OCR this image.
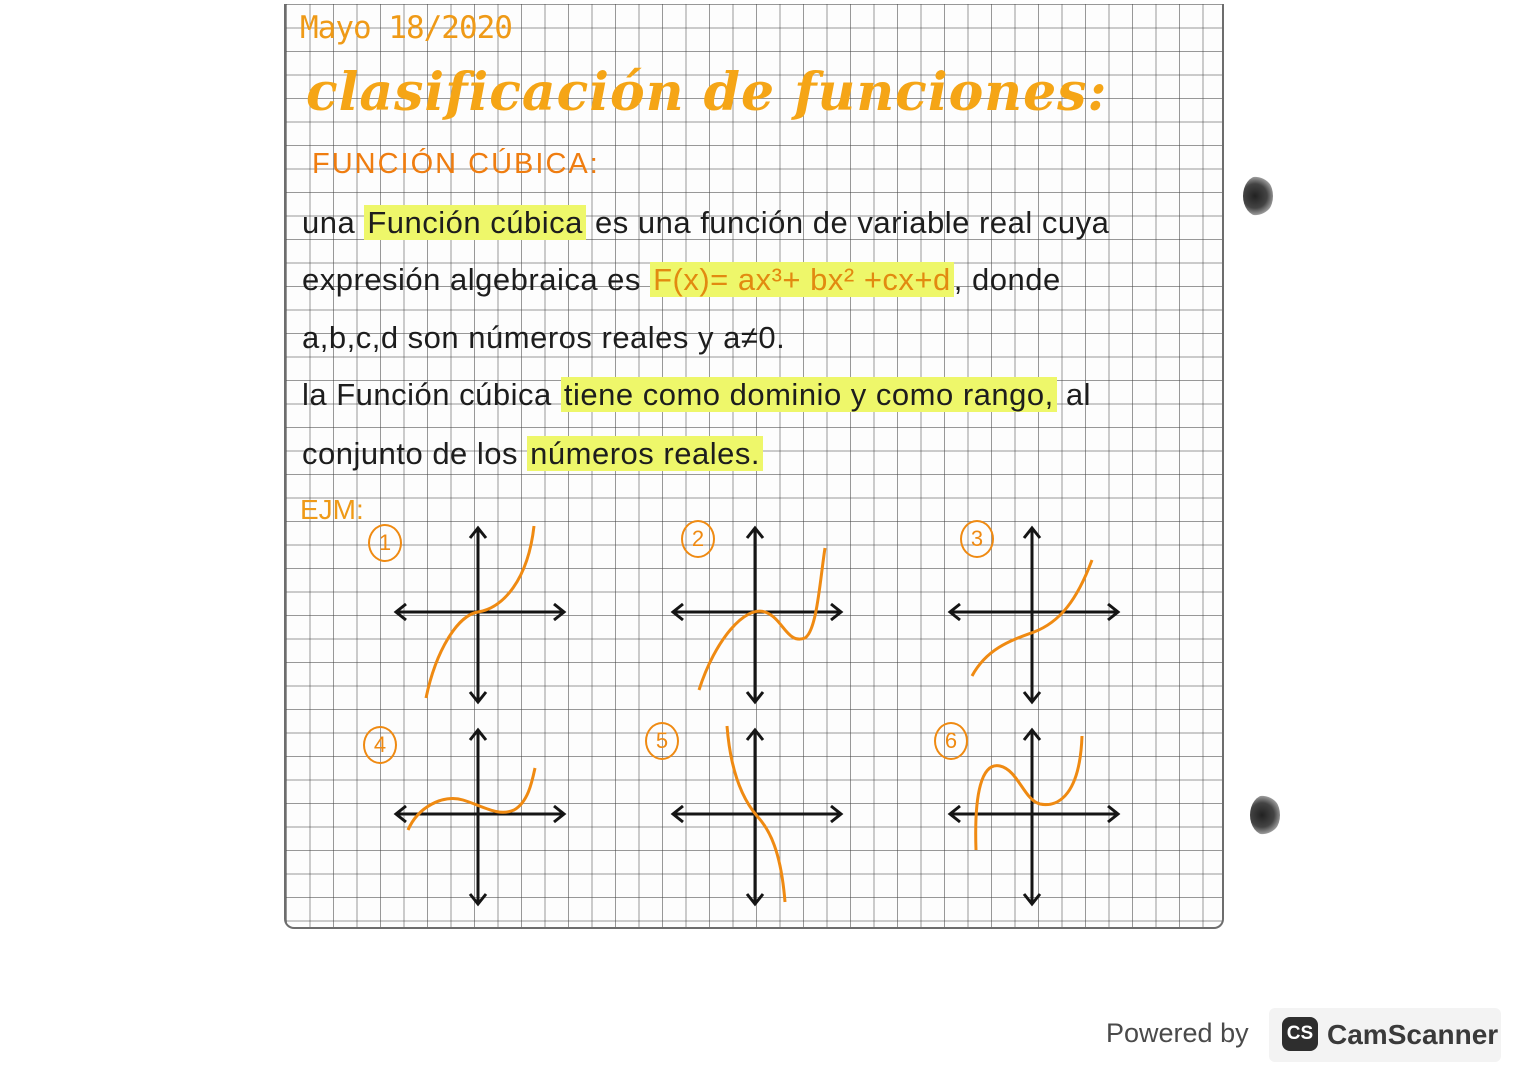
Mayo 18/2020
clasificación de funciones:
FUNCIÓN CÚBICA:
una Función cúbica es una función de variable real cuya
expresión algebraica es F(x)= ax³+ bx² +cx+d, donde
a,b,c,d son números reales y a≠0.
la Función cúbica tiene como dominio y como rango, al
conjunto de los números reales.
EJM:
1	2	3
4	5	6
Powered by CS CamScanner
